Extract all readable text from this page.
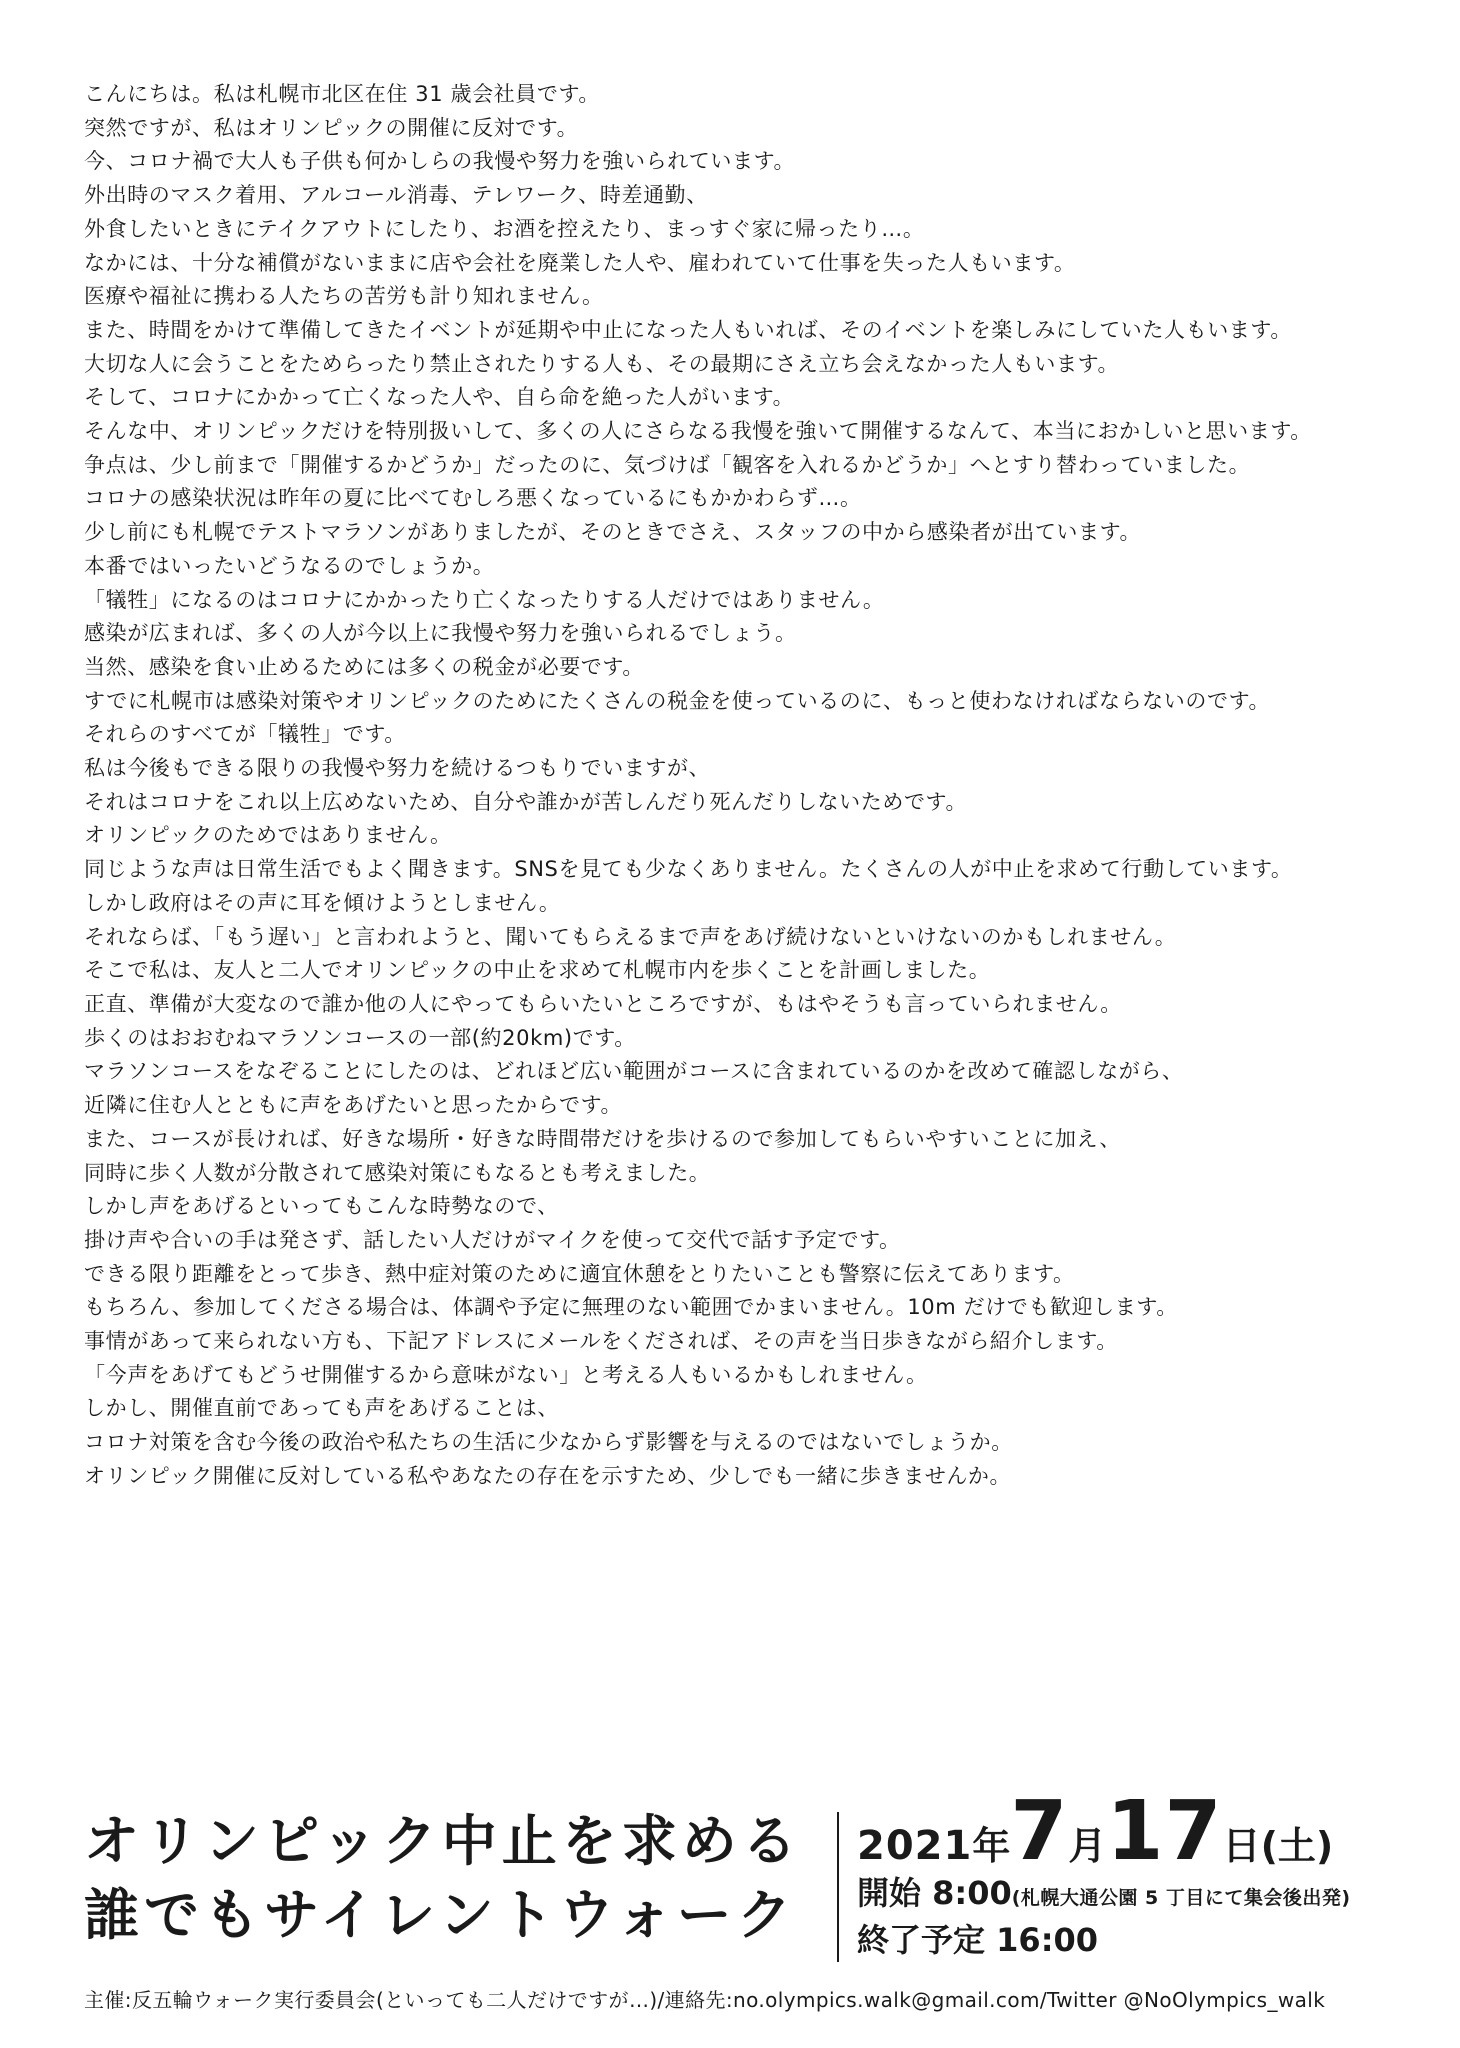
こんにちは。私は札幌市北区在住 31 歳会社員です。
突然ですが、私はオリンピックの開催に反対です。
今、コロナ禍で大人も子供も何かしらの我慢や努力を強いられています。
外出時のマスク着用、アルコール消毒、テレワーク、時差通勤、
外食したいときにテイクアウトにしたり、お酒を控えたり、まっすぐ家に帰ったり…。
なかには、十分な補償がないままに店や会社を廃業した人や、雇われていて仕事を失った人もいます。
医療や福祉に携わる人たちの苦労も計り知れません。
また、時間をかけて準備してきたイベントが延期や中止になった人もいれば、そのイベントを楽しみにしていた人もいます。
大切な人に会うことをためらったり禁止されたりする人も、その最期にさえ立ち会えなかった人もいます。
そして、コロナにかかって亡くなった人や、自ら命を絶った人がいます。
そんな中、オリンピックだけを特別扱いして、多くの人にさらなる我慢を強いて開催するなんて、本当におかしいと思います。
争点は、少し前まで「開催するかどうか」だったのに、気づけば「観客を入れるかどうか」へとすり替わっていました。
コロナの感染状況は昨年の夏に比べてむしろ悪くなっているにもかかわらず…。
少し前にも札幌でテストマラソンがありましたが、そのときでさえ、スタッフの中から感染者が出ています。
本番ではいったいどうなるのでしょうか。
「犠牲」になるのはコロナにかかったり亡くなったりする人だけではありません。
感染が広まれば、多くの人が今以上に我慢や努力を強いられるでしょう。
当然、感染を食い止めるためには多くの税金が必要です。
すでに札幌市は感染対策やオリンピックのためにたくさんの税金を使っているのに、もっと使わなければならないのです。
それらのすべてが「犠牲」です。
私は今後もできる限りの我慢や努力を続けるつもりでいますが、
それはコロナをこれ以上広めないため、自分や誰かが苦しんだり死んだりしないためです。
オリンピックのためではありません。
同じような声は日常生活でもよく聞きます。SNSを見ても少なくありません。たくさんの人が中止を求めて行動しています。
しかし政府はその声に耳を傾けようとしません。
それならば、「もう遅い」と言われようと、聞いてもらえるまで声をあげ続けないといけないのかもしれません。
そこで私は、友人と二人でオリンピックの中止を求めて札幌市内を歩くことを計画しました。
正直、準備が大変なので誰か他の人にやってもらいたいところですが、もはやそうも言っていられません。
歩くのはおおむねマラソンコースの一部(約20km)です。
マラソンコースをなぞることにしたのは、どれほど広い範囲がコースに含まれているのかを改めて確認しながら、
近隣に住む人とともに声をあげたいと思ったからです。
また、コースが長ければ、好きな場所・好きな時間帯だけを歩けるので参加してもらいやすいことに加え、
同時に歩く人数が分散されて感染対策にもなるとも考えました。
しかし声をあげるといってもこんな時勢なので、
掛け声や合いの手は発さず、話したい人だけがマイクを使って交代で話す予定です。
できる限り距離をとって歩き、熱中症対策のために適宜休憩をとりたいことも警察に伝えてあります。
もちろん、参加してくださる場合は、体調や予定に無理のない範囲でかまいません。10m だけでも歓迎します。
事情があって来られない方も、下記アドレスにメールをくだされば、その声を当日歩きながら紹介します。
「今声をあげてもどうせ開催するから意味がない」と考える人もいるかもしれません。
しかし、開催直前であっても声をあげることは、
コロナ対策を含む今後の政治や私たちの生活に少なからず影響を与えるのではないでしょうか。
オリンピック開催に反対している私やあなたの存在を示すため、少しでも一緒に歩きませんか。
オリンピック中止を求める
誰でもサイレントウォーク
2021年7月17日(土)
開始 8:00(札幌大通公園 5 丁目にて集会後出発)
終了予定 16:00
主催:反五輪ウォーク実行委員会(といっても二人だけですが…)/連絡先:no.olympics.walk@gmail.com/Twitter @NoOlympics_walk
